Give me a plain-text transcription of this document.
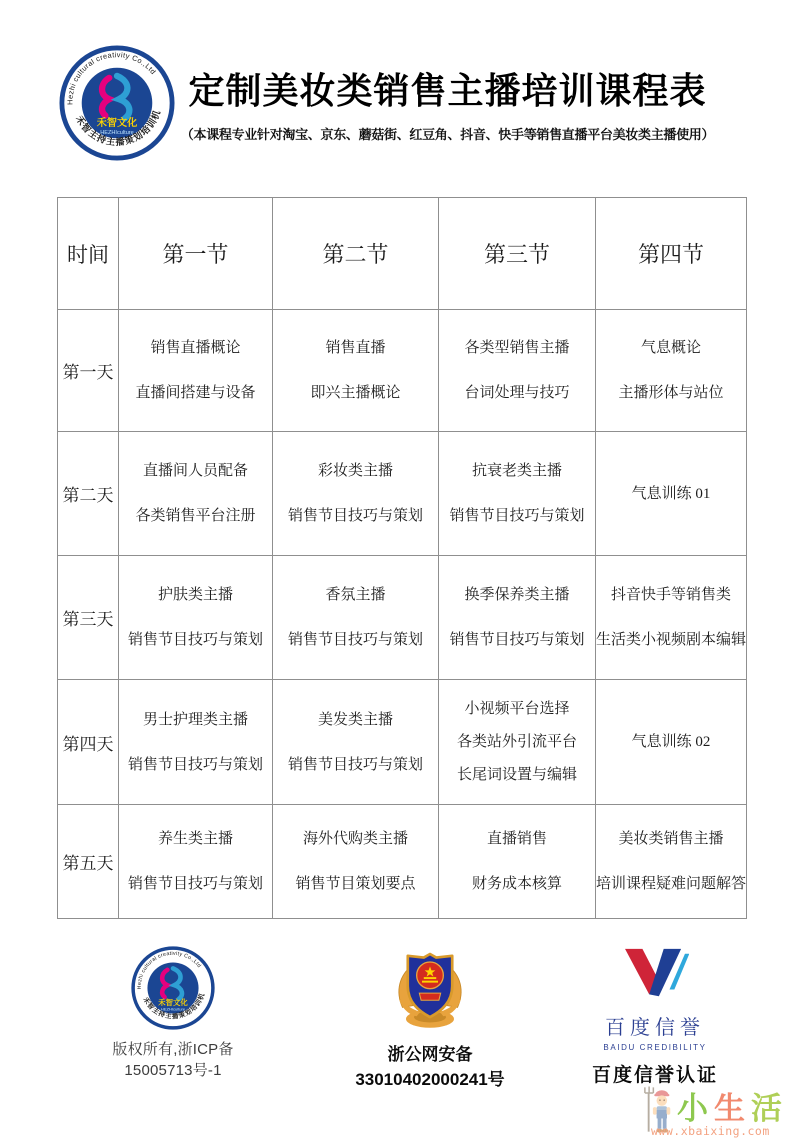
定制美妆类销售主播培训课程表
（本课程专业针对淘宝、京东、蘑菇街、红豆角、抖音、快手等销售直播平台美妆类主播使用）
时间	第一节	第二节	第三节	第四节
第一天	
销售直播概论
直播间搭建与设备

销售直播
即兴主播概论

各类型销售主播
台词处理与技巧

气息概论
主播形体与站位

第二天	
直播间人员配备
各类销售平台注册

彩妆类主播
销售节目技巧与策划

抗衰老类主播
销售节目技巧与策划

气息训练 01

第三天	
护肤类主播
销售节目技巧与策划

香氛主播
销售节目技巧与策划

换季保养类主播
销售节目技巧与策划

抖音快手等销售类
生活类小视频剧本编辑

第四天	
男士护理类主播
销售节目技巧与策划

美发类主播
销售节目技巧与策划

小视频平台选择
各类站外引流平台
长尾词设置与编辑

气息训练 02

第五天	
养生类主播
销售节目技巧与策划

海外代购类主播
销售节目策划要点

直播销售
财务成本核算

美妆类销售主播
培训课程疑难问题解答
版权所有,浙ICP备15005713号-1
浙公网安备 33010402000241号
百度信誉
BAIDU CREDIBILITY
百度信誉认证
小生活
www.xbaixing.com
